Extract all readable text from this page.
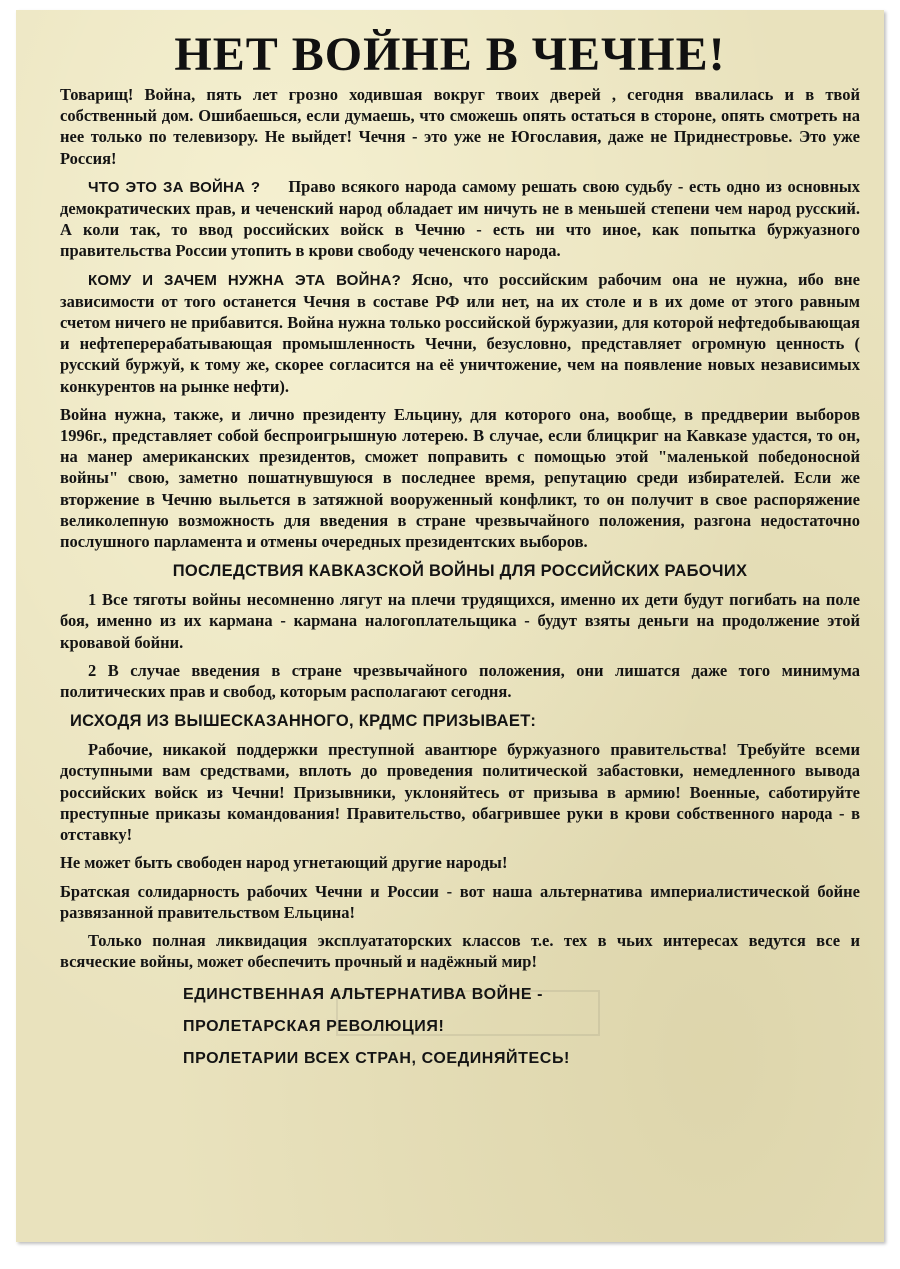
НЕТ ВОЙНЕ В ЧЕЧНЕ!

Товарищ! Война, пять лет грозно ходившая вокруг твоих дверей , сегодня ввалилась и в твой собственный дом. Ошибаешься, если думаешь, что сможешь опять остаться в стороне, опять смотреть на нее только по телевизору. Не выйдет! Чечня - это уже не Югославия, даже не Приднестровье. Это уже Россия!

ЧТО ЭТО ЗА ВОЙНА ? Право всякого народа самому решать свою судьбу - есть одно из основных демократических прав, и чеченский народ обладает им ничуть не в меньшей степени чем народ русский. А коли так, то ввод российских войск в Чечню - есть ни что иное, как попытка буржуазного правительства России утопить в крови свободу чеченского народа.

КОМУ И ЗАЧЕМ НУЖНА ЭТА ВОЙНА? Ясно, что российским рабочим она не нужна, ибо вне зависимости от того останется Чечня в составе РФ или нет, на их столе и в их доме от этого равным счетом ничего не прибавится. Война нужна только российской буржуазии, для которой нефтедобывающая и нефтеперерабатывающая промышленность Чечни, безусловно, представляет огромную ценность ( русский буржуй, к тому же, скорее согласится на её уничтожение, чем на появление новых независимых конкурентов на рынке нефти).

Война нужна, также, и лично президенту Ельцину, для которого она, вообще, в преддверии выборов 1996г., представляет собой беспроигрышную лотерею. В случае, если блицкриг на Кавказе удастся, то он, на манер американских президентов, сможет поправить с помощью этой "маленькой победоносной войны" свою, заметно пошатнувшуюся в последнее время, репутацию среди избирателей. Если же вторжение в Чечню выльется в затяжной вооруженный конфликт, то он получит в свое распоряжение великолепную возможность для введения в стране чрезвычайного положения, разгона недостаточно послушного парламента и отмены очередных президентских выборов.

ПОСЛЕДСТВИЯ КАВКАЗСКОЙ ВОЙНЫ ДЛЯ РОССИЙСКИХ РАБОЧИХ

1 Все тяготы войны несомненно лягут на плечи трудящихся, именно их дети будут погибать на поле боя, именно из их кармана - кармана налогоплательщика - будут взяты деньги на продолжение этой кровавой бойни.

2 В случае введения в стране чрезвычайного положения, они лишатся даже того минимума политических прав и свобод, которым располагают сегодня.

ИСХОДЯ ИЗ ВЫШЕСКАЗАННОГО, КРДМС ПРИЗЫВАЕТ:

Рабочие, никакой поддержки преступной авантюре буржуазного правительства! Требуйте всеми доступными вам средствами, вплоть до проведения политической забастовки, немедленного вывода российских войск из Чечни! Призывники, уклоняйтесь от призыва в армию! Военные, саботируйте преступные приказы командования! Правительство, обагрившее руки в крови собственного народа - в отставку!

Не может быть свободен народ угнетающий другие народы!

Братская солидарность рабочих Чечни и России - вот наша альтернатива империалистической бойне развязанной правительством Ельцина!

Только полная ликвидация эксплуататорских классов т.е. тех в чьих интересах ведутся все и всяческие войны, может обеспечить прочный и надёжный мир!

ЕДИНСТВЕННАЯ АЛЬТЕРНАТИВА ВОЙНЕ -
ПРОЛЕТАРСКАЯ РЕВОЛЮЦИЯ!
ПРОЛЕТАРИИ ВСЕХ СТРАН, СОЕДИНЯЙТЕСЬ!
